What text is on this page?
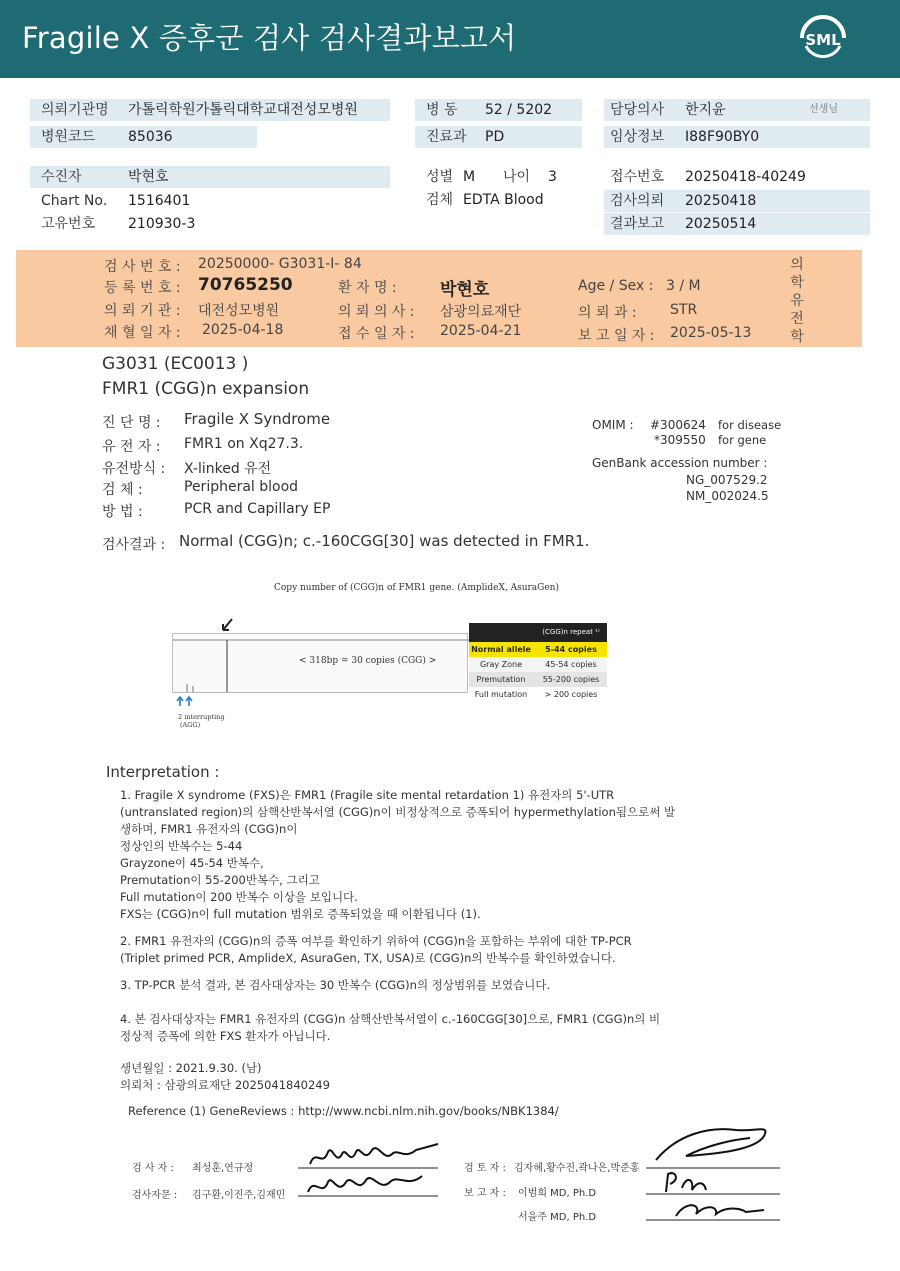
Fragile X 증후군 검사 검사결과보고서	SML
의뢰기관명 가톨릭학원가톨릭대학교대전성모병원	병 동 52 / 5202	담당의사 한지윤	선생님
병원코드 85036	진료과 PD	임상정보 I88F90BY0
수진자	박현호	성별 M 나이 3	접수번호 20250418-40249
Chart No. 1516401	검체 EDTA Blood	검사의뢰 20250418
고유번호 210930-3	결과보고 20250514
검 사 번 호 : 20250000- G3031-I- 84
등 록 번 호 : 70765250	환 자 명 :	박현호	Age / Sex : 3 / M
의 뢰 기 관 : 대전성모병원	의 뢰 의 사 : 삼광의료재단	의 뢰 과 : STR
채 혈 일 자 : 2025-04-18	접 수 일 자 : 2025-04-21	보 고 일 자 : 2025-05-13
의
학
유
전
학
G3031 (EC0013 )
FMR1 (CGG)n expansion
진 단 명 : Fragile X Syndrome
유 전 자 : FMR1 on Xq27.3.
유전방식 : X-linked 유전
검 체 :	Peripheral blood
방 법 :	PCR and Capillary EP
OMIM : #300624 for disease
*309550 for gene
GenBank accession number :
NG_007529.2
NM_002024.5
검사결과 : Normal (CGG)n; c.-160CGG[30] was detected in FMR1.
Copy number of (CGG)n of FMR1 gene. (AmplideX, AsuraGen)
< 318bp = 30 copies (CGG) >
2 interrupting
(AGG)
(CGG)n repeat ¹⁾
Normal allele	5-44 copies
Gray Zone	45-54 copies
Premutation	55-200 copies
Full mutation	> 200 copies
Interpretation :
1. Fragile X syndrome (FXS)은 FMR1 (Fragile site mental retardation 1) 유전자의 5'-UTR
(untranslated region)의 삼핵산반복서열 (CGG)n이 비정상적으로 증폭되어 hypermethylation됨으로써 발
생하며, FMR1 유전자의 (CGG)n이
정상인의 반복수는 5-44
Grayzone이 45-54 반복수,
Premutation이 55-200반복수, 그리고
Full mutation이 200 반복수 이상을 보입니다.
FXS는 (CGG)n이 full mutation 범위로 증폭되었을 때 이환됩니다 (1).
2. FMR1 유전자의 (CGG)n의 증폭 여부를 확인하기 위하여 (CGG)n을 포함하는 부위에 대한 TP-PCR
(Triplet primed PCR, AmplideX, AsuraGen, TX, USA)로 (CGG)n의 반복수를 확인하였습니다.
3. TP-PCR 분석 결과, 본 검사대상자는 30 반복수 (CGG)n의 정상범위를 보였습니다.
4. 본 검사대상자는 FMR1 유전자의 (CGG)n 삼핵산반복서열이 c.-160CGG[30]으로, FMR1 (CGG)n의 비
정상적 증폭에 의한 FXS 환자가 아닙니다.
생년월일 : 2021.9.30. (남)
의뢰처 : 삼광의료재단 2025041840249
Reference (1) GeneReviews : http://www.ncbi.nlm.nih.gov/books/NBK1384/
검 사 자 : 최성훈,연규정
검사자문 : 김구환,이진주,김재민
검 토 자 : 김자혜,황수진,곽나은,박준홍
보 고 자 : 이범희 MD, Ph.D
서을주 MD, Ph.D
